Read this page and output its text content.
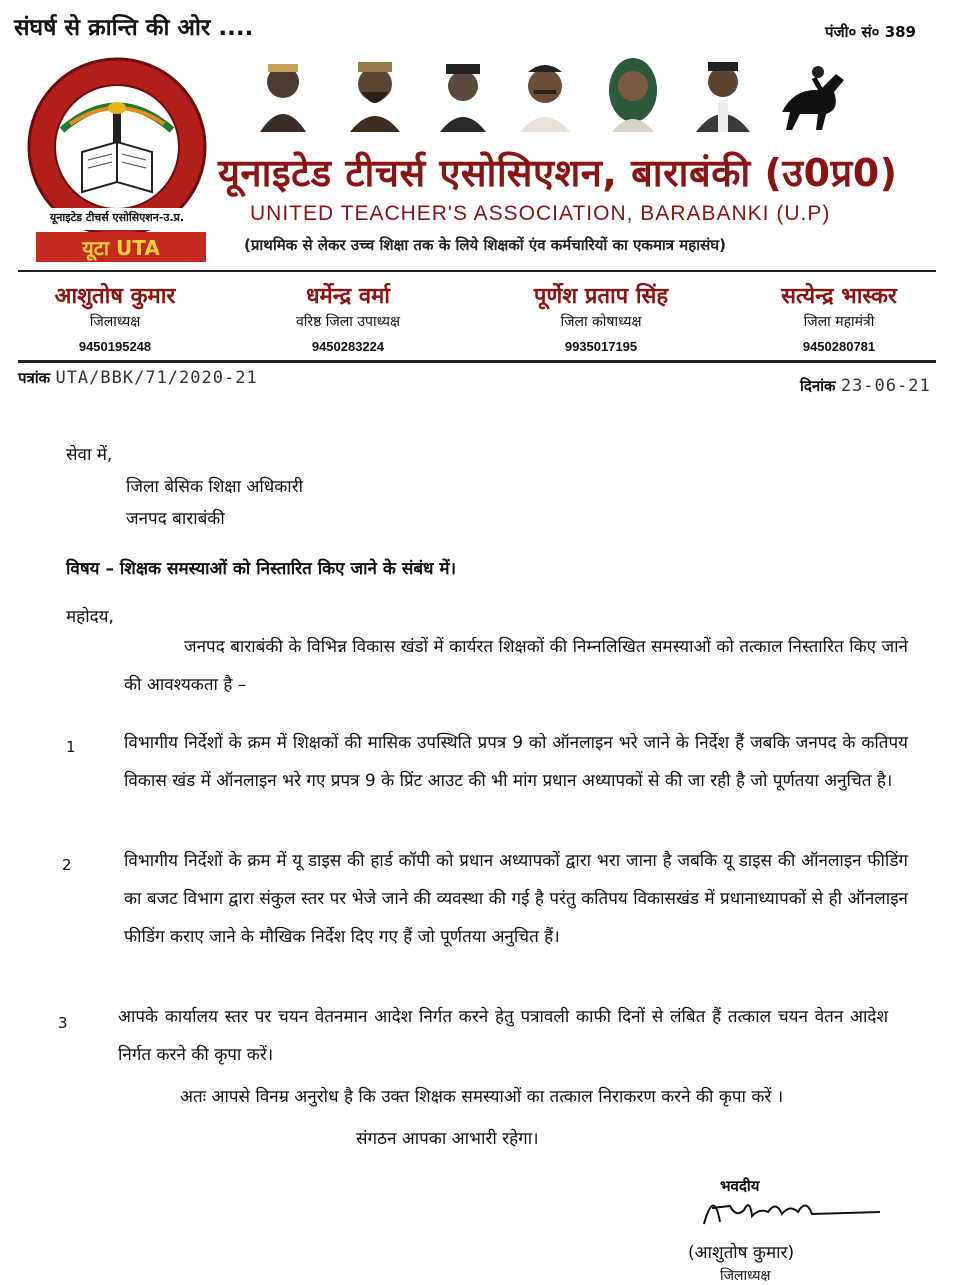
संघर्ष से क्रान्ति की ओर ....	पंजी० सं० 389
यूनाइटेड टीचर्स एसोसिएशन-उ.प्र.
यूटा UTA
यूनाइटेड टीचर्स एसोसिएशन, बाराबंकी (उ0प्र0)
UNITED TEACHER'S ASSOCIATION, BARABANKI (U.P)
(प्राथमिक से लेकर उच्च शिक्षा तक के लिये शिक्षकों एंव कर्मचारियों का एकमात्र महासंघ)
आशुतोष कुमार
जिलाध्यक्ष
9450195248
धर्मेन्द्र वर्मा
वरिष्ठ जिला उपाध्यक्ष
9450283224
पूर्णेश प्रताप सिंह
जिला कोषाध्यक्ष
9935017195
सत्येन्द्र भास्कर
जिला महामंत्री
9450280781
पत्रांक UTA/BBK/71/2020-21	दिनांक 23-06-21
सेवा में,
जिला बेसिक शिक्षा अधिकारी
जनपद बाराबंकी
विषय – शिक्षक समस्याओं को निस्तारित किए जाने के संबंध में।
महोदय,
जनपद बाराबंकी के विभिन्न विकास खंडों में कार्यरत शिक्षकों की निम्नलिखित समस्याओं को तत्काल निस्तारित किए जाने की आवश्यकता है –
1	विभागीय निर्देशों के क्रम में शिक्षकों की मासिक उपस्थिति प्रपत्र 9 को ऑनलाइन भरे जाने के निर्देश हैं जबकि जनपद के कतिपय विकास खंड में ऑनलाइन भरे गए प्रपत्र 9 के प्रिंट आउट की भी मांग प्रधान अध्यापकों से की जा रही है जो पूर्णतया अनुचित है।
2	विभागीय निर्देशों के क्रम में यू डाइस की हार्ड कॉपी को प्रधान अध्यापकों द्वारा भरा जाना है जबकि यू डाइस की ऑनलाइन फीडिंग का बजट विभाग द्वारा संकुल स्तर पर भेजे जाने की व्यवस्था की गई है परंतु कतिपय विकासखंड में प्रधानाध्यापकों से ही ऑनलाइन फीडिंग कराए जाने के मौखिक निर्देश दिए गए हैं जो पूर्णतया अनुचित हैं।
3	आपके कार्यालय स्तर पर चयन वेतनमान आदेश निर्गत करने हेतु पत्रावली काफी दिनों से लंबित हैं तत्काल चयन वेतन आदेश निर्गत करने की कृपा करें।
अतः आपसे विनम्र अनुरोध है कि उक्त शिक्षक समस्याओं का तत्काल निराकरण करने की कृपा करें ।
संगठन आपका आभारी रहेगा।
भवदीय
(आशुतोष कुमार)
जिलाध्यक्ष
